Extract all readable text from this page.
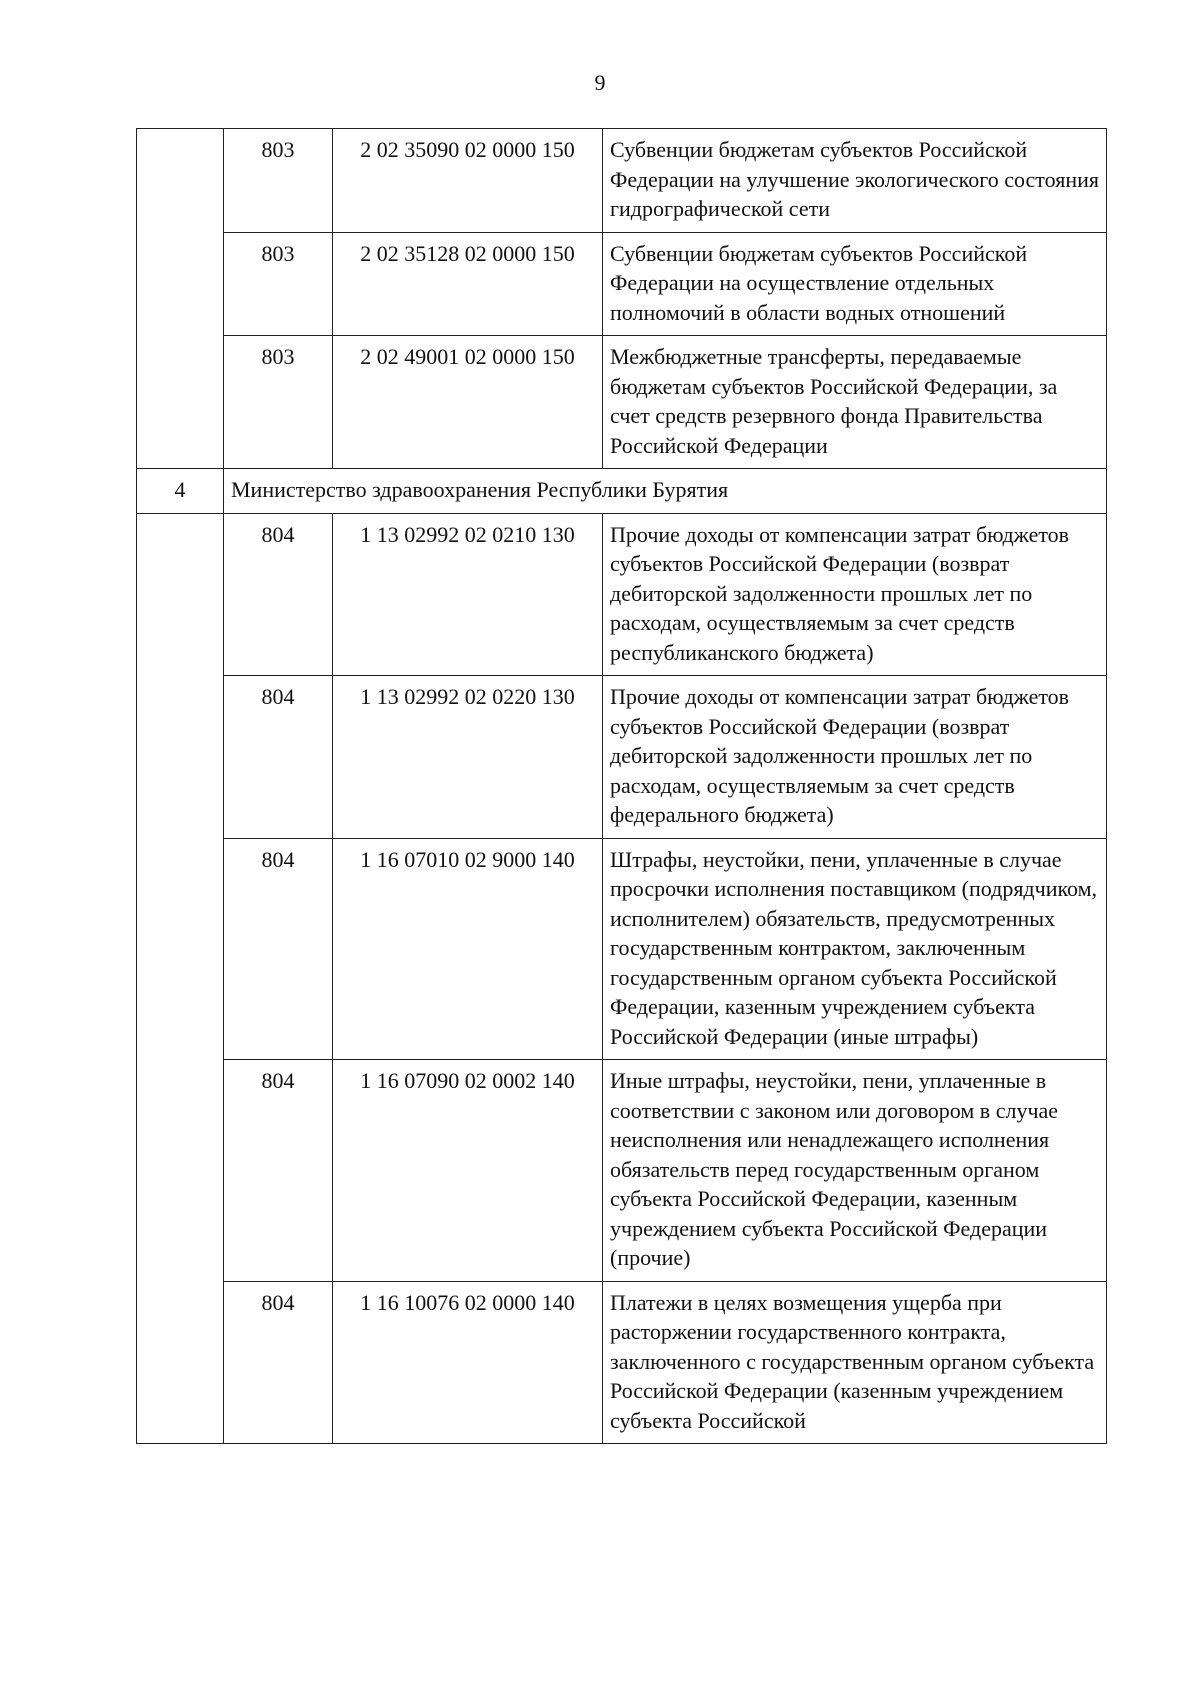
9
	803	2 02 35090 02 0000 150	Субвенции бюджетам субъектов Российской Федерации на улучшение экологического состояния гидрографической сети
	803	2 02 35128 02 0000 150	Субвенции бюджетам субъектов Российской Федерации на осуществление отдельных полномочий в области водных отношений
	803	2 02 49001 02 0000 150	Межбюджетные трансферты, передаваемые бюджетам субъектов Российской Федерации, за счет средств резервного фонда Правительства Российской Федерации
4	Министерство здравоохранения Республики Бурятия		
	804	1 13 02992 02 0210 130	Прочие доходы от компенсации затрат бюджетов субъектов Российской Федерации (возврат дебиторской задолженности прошлых лет по расходам, осуществляемым за счет средств республиканского бюджета)
	804	1 13 02992 02 0220 130	Прочие доходы от компенсации затрат бюджетов субъектов Российской Федерации (возврат дебиторской задолженности прошлых лет по расходам, осуществляемым за счет средств федерального бюджета)
	804	1 16 07010 02 9000 140	Штрафы, неустойки, пени, уплаченные в случае просрочки исполнения поставщиком (подрядчиком, исполнителем) обязательств, предусмотренных государственным контрактом, заключенным государственным органом субъекта Российской Федерации, казенным учреждением субъекта Российской Федерации (иные штрафы)
	804	1 16 07090 02 0002 140	Иные штрафы, неустойки, пени, уплаченные в соответствии с законом или договором в случае неисполнения или ненадлежащего исполнения обязательств перед государственным органом субъекта Российской Федерации, казенным учреждением субъекта Российской Федерации (прочие)
	804	1 16 10076 02 0000 140	Платежи в целях возмещения ущерба при расторжении государственного контракта, заключенного с государственным органом субъекта Российской Федерации (казенным учреждением субъекта Российской
